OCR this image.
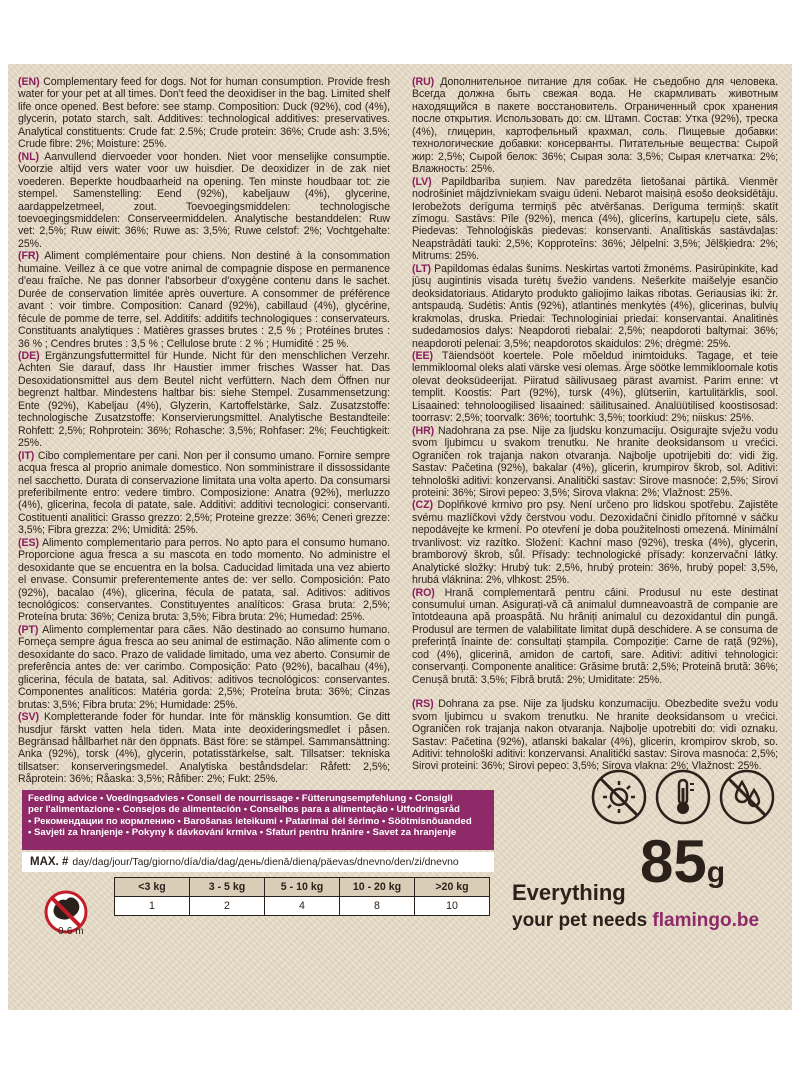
(EN) Complementary feed for dogs. Not for human consumption. Provide fresh water for your pet at all times. Don't feed the deoxidiser in the bag. Limited shelf life once opened. Best before: see stamp. Composition: Duck (92%), cod (4%), glycerin, potato starch, salt. Additives: technological additives: preservatives. Analytical constituents: Crude fat: 2.5%; Crude protein: 36%; Crude ash: 3.5%; Crude fibre: 2%; Moisture: 25%.

(NL) Aanvullend diervoeder voor honden. Niet voor menselijke consumptie. Voorzie altijd vers water voor uw huisdier. De deoxidizer in de zak niet voederen. Beperkte houdbaarheid na opening. Ten minste houdbaar tot: zie stempel. Samenstelling: Eend (92%), kabeljauw (4%), glycerine, aardappelzetmeel, zout. Toevoegingsmiddelen: technologische toevoegingsmiddelen: Conserveermiddelen. Analytische bestanddelen: Ruw vet: 2,5%; Ruw eiwit: 36%; Ruwe as: 3,5%; Ruwe celstof: 2%; Vochtgehalte: 25%.

(FR) Aliment complémentaire pour chiens. Non destiné à la consommation humaine. Veillez à ce que votre animal de compagnie dispose en permanence d'eau fraîche. Ne pas donner l'absorbeur d'oxygène contenu dans le sachet. Durée de conservation limitée après ouverture. A consommer de préférence avant : voir timbre. Composition: Canard (92%), cabillaud (4%), glycérine, fécule de pomme de terre, sel. Additifs: additifs technologiques : conservateurs. Constituants analytiques : Matières grasses brutes : 2,5 % ; Protéines brutes : 36 % ; Cendres brutes : 3,5 % ; Cellulose brute : 2 % ; Humidité : 25 %.

(DE) Ergänzungsfuttermittel für Hunde. Nicht für den menschlichen Verzehr. Achten Sie darauf, dass Ihr Haustier immer frisches Wasser hat. Das Desoxidationsmittel aus dem Beutel nicht verfüttern. Nach dem Öffnen nur begrenzt haltbar. Mindestens haltbar bis: siehe Stempel. Zusammensetzung: Ente (92%), Kabeljau (4%), Glyzerin, Kartoffelstärke, Salz. Zusatzstoffe: technologische Zusatzstoffe: Konservierungsmittel. Analytische Bestandteile: Rohfett: 2,5%; Rohprotein: 36%; Rohasche: 3,5%; Rohfaser: 2%; Feuchtigkeit: 25%.

(IT) Cibo complementare per cani. Non per il consumo umano. Fornire sempre acqua fresca al proprio animale domestico. Non somministrare il dissossidante nel sacchetto. Durata di conservazione limitata una volta aperto. Da consumarsi preferibilmente entro: vedere timbro. Composizione: Anatra (92%), merluzzo (4%), glicerina, fecola di patate, sale. Additivi: additivi tecnologici: conservanti. Costituenti analitici: Grasso grezzo: 2,5%; Proteine grezze: 36%; Ceneri grezze: 3,5%; Fibra grezza: 2%; Umidità: 25%.

(ES) Alimento complementario para perros. No apto para el consumo humano. Proporcione agua fresca a su mascota en todo momento. No administre el desoxidante que se encuentra en la bolsa. Caducidad limitada una vez abierto el envase. Consumir preferentemente antes de: ver sello. Composición: Pato (92%), bacalao (4%), glicerina, fécula de patata, sal. Aditivos: aditivos tecnológicos: conservantes. Constituyentes analíticos: Grasa bruta: 2,5%; Proteína bruta: 36%; Ceniza bruta: 3,5%; Fibra bruta: 2%; Humedad: 25%.

(PT) Alimento complementar para cães. Não destinado ao consumo humano. Forneça sempre água fresca ao seu animal de estimação. Não alimente com o desoxidante do saco. Prazo de validade limitado, uma vez aberto. Consumir de preferência antes de: ver carimbo. Composição: Pato (92%), bacalhau (4%), glicerina, fécula de batata, sal. Aditivos: aditivos tecnológicos: conservantes. Componentes analíticos: Matéria gorda: 2,5%; Proteína bruta: 36%; Cinzas brutas: 3,5%; Fibra bruta: 2%; Humidade: 25%.

(SV) Kompletterande foder för hundar. Inte för mänsklig konsumtion. Ge ditt husdjur färskt vatten hela tiden. Mata inte deoxideringsmedlet i påsen. Begränsad hållbarhet när den öppnats. Bäst före: se stämpel. Sammansättning: Anka (92%), torsk (4%), glycerin, potatisstärkelse, salt. Tillsatser: tekniska tillsatser: konserveringsmedel. Analytiska beståndsdelar: Råfett: 2,5%; Råprotein: 36%; Råaska: 3,5%; Råfiber: 2%; Fukt: 25%.

(RU) Дополнительное питание для собак. Не съедобно для человека. Всегда должна быть свежая вода. Не скармливать животным находящийся в пакете восстановитель. Ограниченный срок хранения после открытия. Использовать до: см. Штамп. Состав: Утка (92%), треска (4%), глицерин, картофельный крахмал, соль. Пищевые добавки: технологические добавки: консерванты. Питательные вещества: Сырой жир: 2,5%; Сырой белок: 36%; Сырая зола: 3,5%; Сырая клетчатка: 2%; Влажность: 25%.

(LV) Papildbarība suņiem. Nav paredzēta lietošanai pārtikā. Vienmēr nodrošiniet mājdzīvniekam svaigu ūdeni. Nebarot maisiņā esošo deoksidētāju. Ierobežots derīguma termiņš pēc atvēršanas. Derīguma termiņš: skatīt zīmogu. Sastāvs: Pīle (92%), menca (4%), glicerīns, kartupeļu ciete, sāls. Piedevas: Tehnoloģiskās piedevas: konservanti. Analītiskās sastāvdaļas: Neapstrādāti tauki: 2,5%; Kopproteīns: 36%; Jēlpelni: 3,5%; Jēlšķiedra: 2%; Mitrums: 25%.

(LT) Papildomas ėdalas šunims. Neskirtas vartoti žmonėms. Pasirūpinkite, kad jūsų augintinis visada turėtų švežio vandens. Nešerkite maišelyje esančio deoksidatoriaus. Atidaryto produkto galiojimo laikas ribotas. Geriausias iki: žr. antspaudą. Sudėtis: Antis (92%), atlantinės menkytės (4%), glicerinas, bulvių krakmolas, druska. Priedai: Technologiniai priedai: konservantai. Analitinės sudedamosios dalys: Neapdoroti riebalai: 2,5%; neapdoroti baltymai: 36%; neapdoroti pelenai: 3,5%; neapdorotos skaidulos: 2%; drėgmė: 25%.

(EE) Täiendsööt koertele. Pole mõeldud inimtoiduks. Tagage, et teie lemmikloomal oleks alati värske vesi olemas. Ärge söötke lemmikloomale kotis olevat deoksüdeerijat. Piiratud säilivusaeg pärast avamist. Parim enne: vt templit. Koostis: Part (92%), tursk (4%), glütseriin, kartulitärklis, sool. Lisaained: tehnoloogilised lisaained: säilitusained. Analüütilised koostisosad: toorrasv: 2,5%; toorvalk: 36%; toortuhk: 3,5%; toorkiud: 2%; niiskus: 25%.

(HR) Nadohrana za pse. Nije za ljudsku konzumaciju. Osigurajte svježu vodu svom ljubimcu u svakom trenutku. Ne hranite deoksidansom u vrećici. Ograničen rok trajanja nakon otvaranja. Najbolje upotrijebiti do: vidi žig. Sastav: Pačetina (92%), bakalar (4%), glicerin, krumpirov škrob, sol. Aditivi: tehnološki aditivi: konzervansi. Analitički sastav: Sirove masnoće: 2,5%; Sirovi proteini: 36%; Sirovi pepeo: 3,5%; Sirova vlakna: 2%; Vlažnost: 25%.

(CZ) Doplňkové krmivo pro psy. Není určeno pro lidskou spotřebu. Zajistěte svému mazlíčkovi vždy čerstvou vodu. Dezoxidační činidlo přítomné v sáčku nepodávejte ke krmení. Po otevření je doba použitelnosti omezená. Minimální trvanlivost: viz razítko. Složení: Kachní maso (92%), treska (4%), glycerin, bramborový škrob, sůl. Přísady: technologické přísady: konzervační látky. Analytické složky: Hrubý tuk: 2,5%, hrubý protein: 36%, hrubý popel: 3,5%, hrubá vláknina: 2%, vlhkost: 25%.

(RO) Hrană complementară pentru câini. Produsul nu este destinat consumului uman. Asigurați-vă că animalul dumneavoastră de companie are întotdeauna apă proaspătă. Nu hrăniți animalul cu dezoxidantul din pungă. Produsul are termen de valabilitate limitat după deschidere. A se consuma de preferință înainte de: consultați ștampila. Compoziție: Carne de rață (92%), cod (4%), glicerină, amidon de cartofi, sare. Aditivi: aditivi tehnologici: conservanți. Componente analitice: Grăsime brută: 2,5%; Proteină brută: 36%; Cenușă brută: 3,5%; Fibră brută: 2%; Umiditate: 25%.

(RS) Dohrana za pse. Nije za ljudsku konzumaciju. Obezbedite svežu vodu svom ljubimcu u svakom trenutku. Ne hranite deoksidansom u vrećici. Ograničen rok trajanja nakon otvaranja. Najbolje upotrebiti do: vidi oznaku. Sastav: Pačetina (92%), atlanski bakalar (4%), glicerin, krompirov skrob, so. Aditivi: tehnološki aditivi: konzervansi. Analitički sastav: Sirova masnoća: 2,5%; Sirovi proteini: 36%; Sirovi pepeo: 3,5%; Sirova vlakna: 2%; Vlažnost: 25%.

Feeding advice • Voedingsadvies • Conseil de nourrissage • Fütterungsempfehlung • Consigli
per l'alimentazione • Consejos de alimentación • Conselhos para a alimentação • Utfodringsråd
• Рекомендации по кормлению • Barošanas ieteikumi • Patarimai dėl šėrimo • Söötmisnõuanded
• Savjeti za hranjenje • Pokyny k dávkování krmiva • Sfaturi pentru hrănire • Savet za hranjenje
MAX. # day/dag/jour/Tag/giorno/día/dia/dag/день/dienā/dieną/päevas/dnevno/den/zi/dnevno
<3 kg	3 - 5 kg	5 - 10 kg	10 - 20 kg	>20 kg
1	2	4	8	10
0-6 m
85g
Everything
your pet needs flamingo.be
